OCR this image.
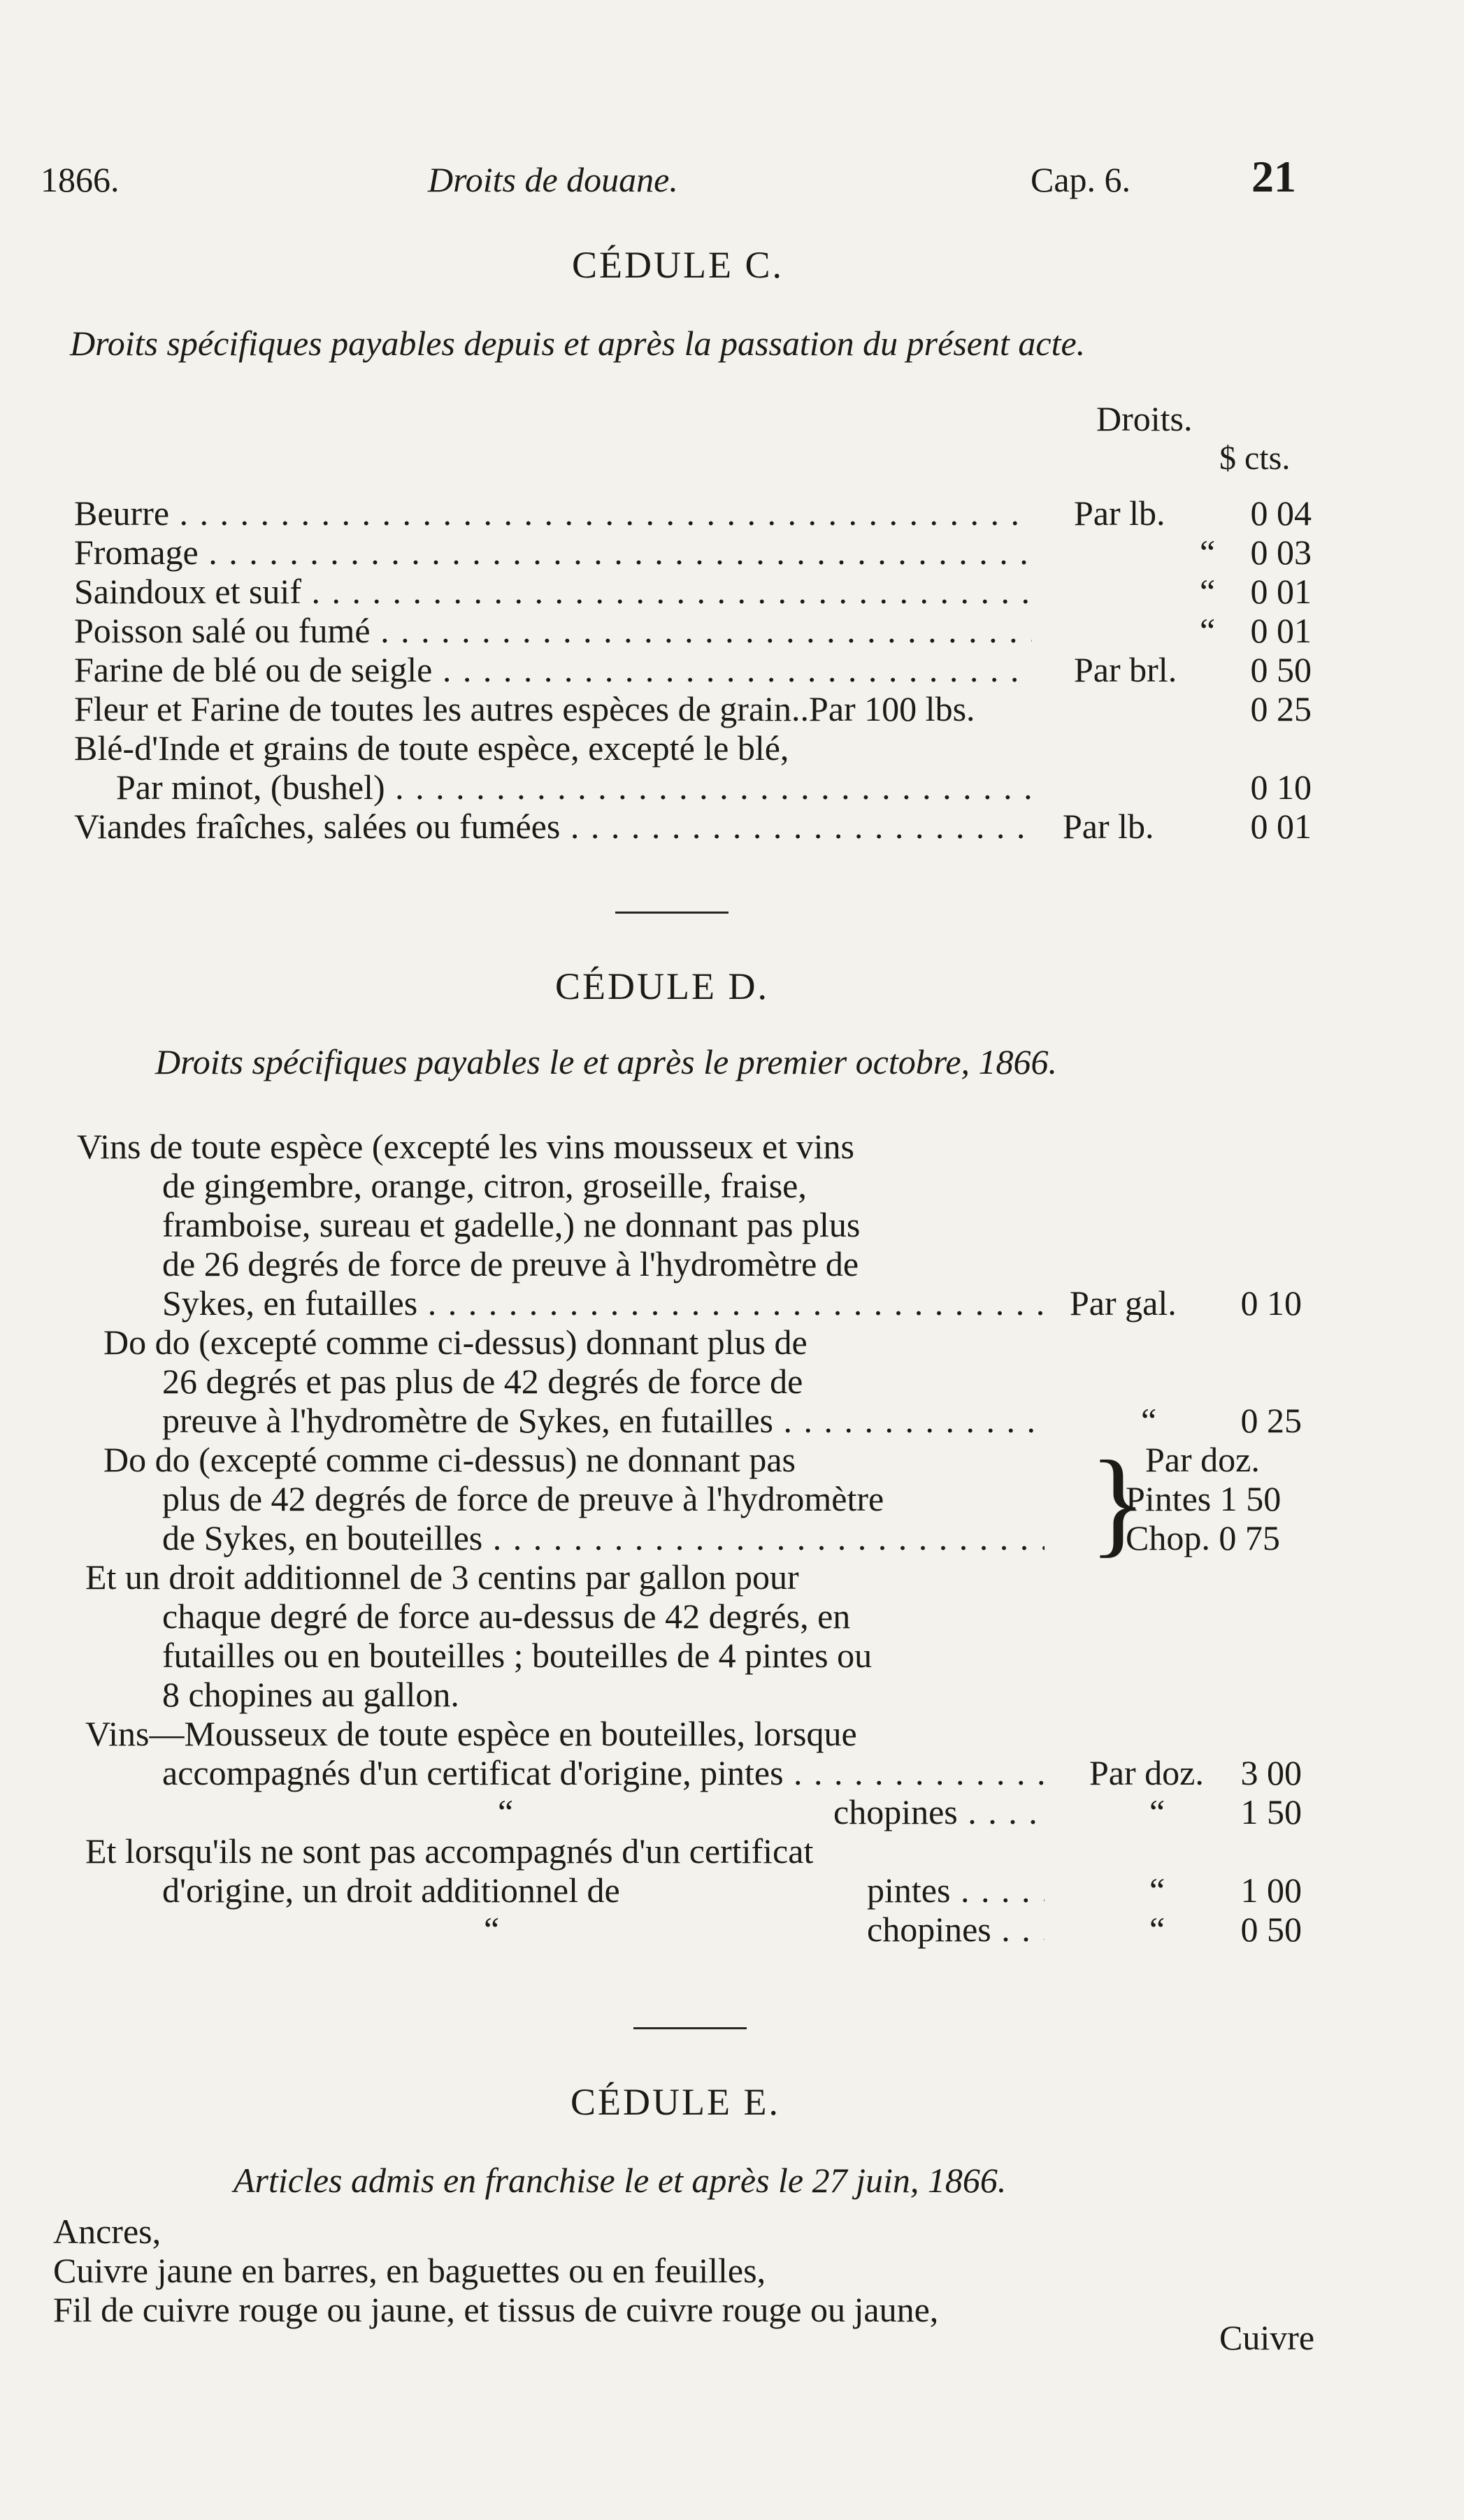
1866.	Droits de douane.	Cap. 6.	21
CÉDULE C.
Droits spécifiques payables depuis et après la passation du présent acte.
Droits.
$ cts.
Beurre . . .	Par lb.	0 04
Fromage . . .	“	0 03
Saindoux et suif . . .	“	0 01
Poisson salé ou fumé . . .	“	0 01
Farine de blé ou de seigle . . .	Par brl.	0 50
Fleur et Farine de toutes les autres espèces de grain..Par 100 lbs.	0 25
Blé-d'Inde et grains de toute espèce, excepté le blé,
Par minot, (bushel) . . .	0 10
Viandes fraîches, salées ou fumées . . .	Par lb.	0 01
CÉDULE D.
Droits spécifiques payables le et après le premier octobre, 1866.
Vins de toute espèce (excepté les vins mousseux et vins
de gingembre, orange, citron, groseille, fraise,
framboise, sureau et gadelle,) ne donnant pas plus
de 26 degrés de force de preuve à l'hydromètre de
Sykes, en futailles . . .	Par gal.	0 10
Do do (excepté comme ci-dessus) donnant plus de
26 degrés et pas plus de 42 degrés de force de
preuve à l'hydromètre de Sykes, en futailles . . .	“	0 25
Do do (excepté comme ci-dessus) ne donnant pas
plus de 42 degrés de force de preuve à l'hydromètre
de Sykes, en bouteilles . . .	}
Par doz.
Pintes 1 50
Chop. 0 75
Et un droit additionnel de 3 centins par gallon pour
chaque degré de force au-dessus de 42 degrés, en
futailles ou en bouteilles ; bouteilles de 4 pintes ou
8 chopines au gallon.
Vins—Mousseux de toute espèce en bouteilles, lorsque
accompagnés d'un certificat d'origine, pintes . . .	Par doz.	3 00
“	chopines . . .	“	1 50
Et lorsqu'ils ne sont pas accompagnés d'un certificat
d'origine, un droit additionnel de	pintes . . .	“	1 00
“	chopines . . .	“	0 50
CÉDULE E.
Articles admis en franchise le et après le 27 juin, 1866.
Ancres,
Cuivre jaune en barres, en baguettes ou en feuilles,
Fil de cuivre rouge ou jaune, et tissus de cuivre rouge ou jaune,
Cuivre
